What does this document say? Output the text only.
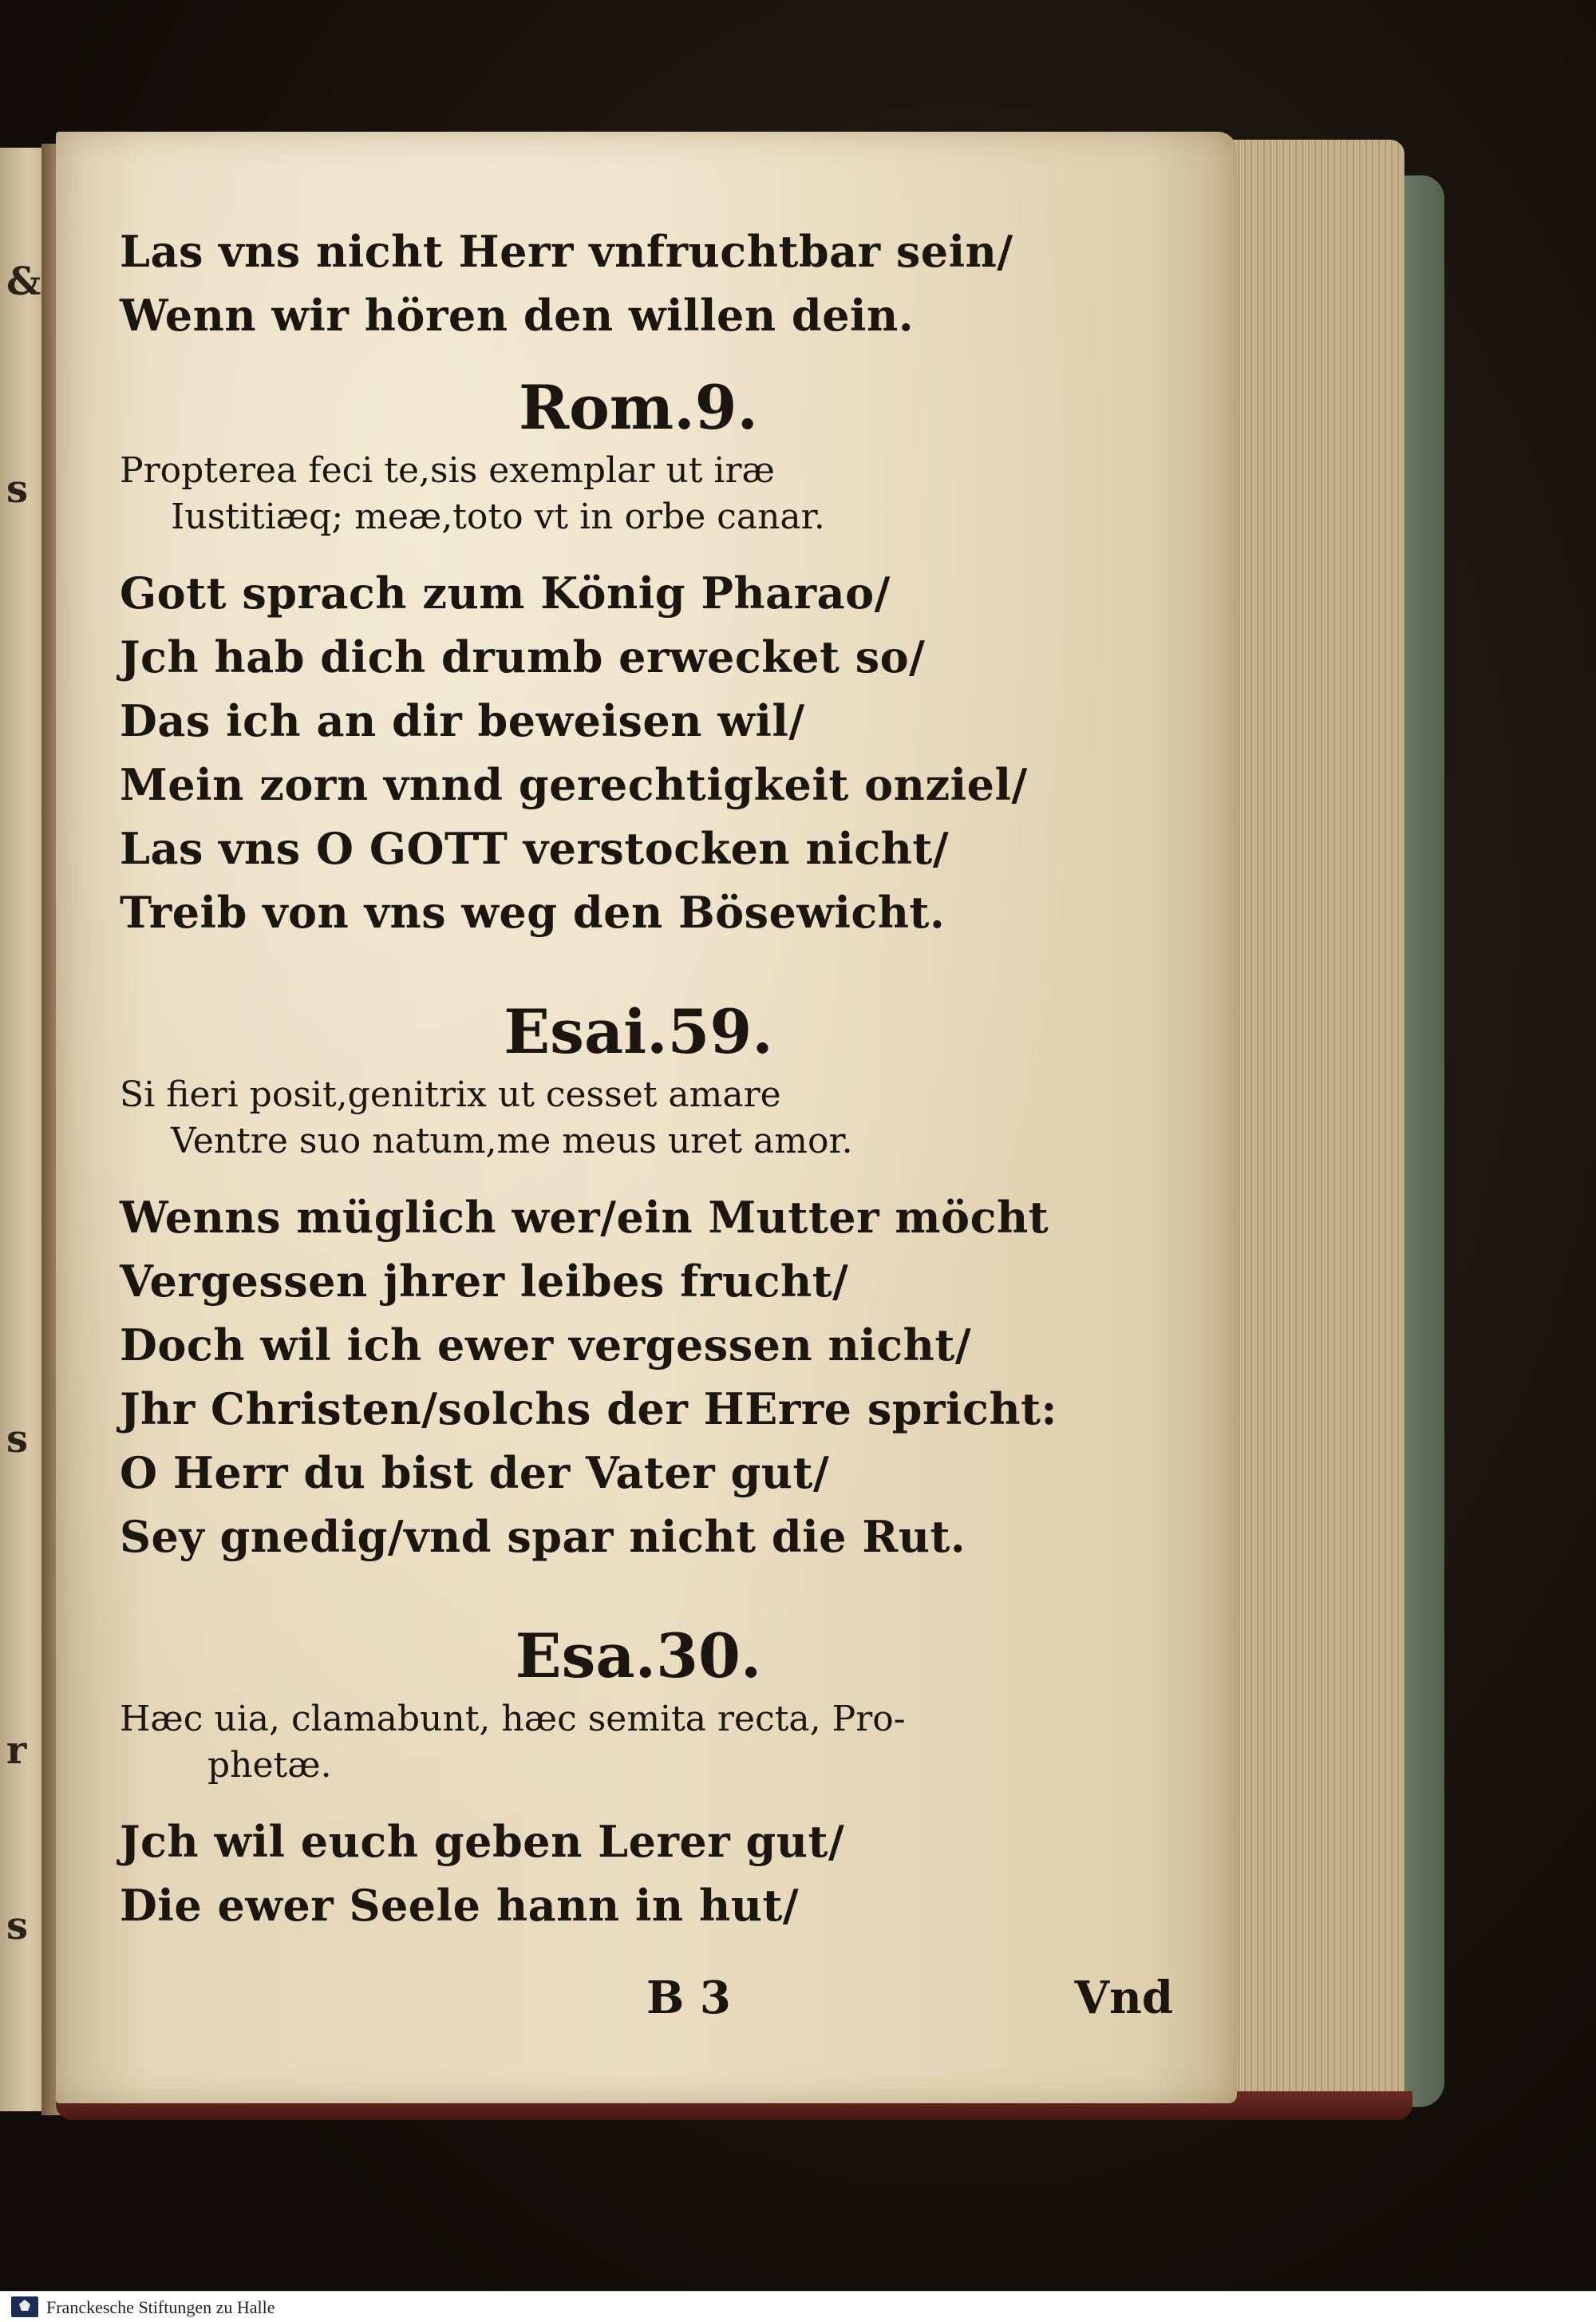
&
s
s
r
s
Las vns nicht Herr vnfruchtbar sein/
Wenn wir hören den willen dein.
Rom.9.
Propterea feci te,sis exemplar ut iræ
Iustitiæq; meæ,toto vt in orbe canar.
Gott sprach zum König Pharao/
Jch hab dich drumb erwecket so/
Das ich an dir beweisen wil/
Mein zorn vnnd gerechtigkeit onziel/
Las vns O GOTT verstocken nicht/
Treib von vns weg den Bösewicht.
Esai.59.
Si fieri posit,genitrix ut cesset amare
Ventre suo natum,me meus uret amor.
Wenns müglich wer/ein Mutter möcht
Vergessen jhrer leibes frucht/
Doch wil ich ewer vergessen nicht/
Jhr Christen/solchs der HErre spricht:
O Herr du bist der Vater gut/
Sey gnedig/vnd spar nicht die Rut.
Esa.30.
Hæc uia, clamabunt, hæc semita recta, Pro-
phetæ.
Jch wil euch geben Lerer gut/
Die ewer Seele hann in hut/
B 3	Vnd
Franckesche Stiftungen zu Halle
